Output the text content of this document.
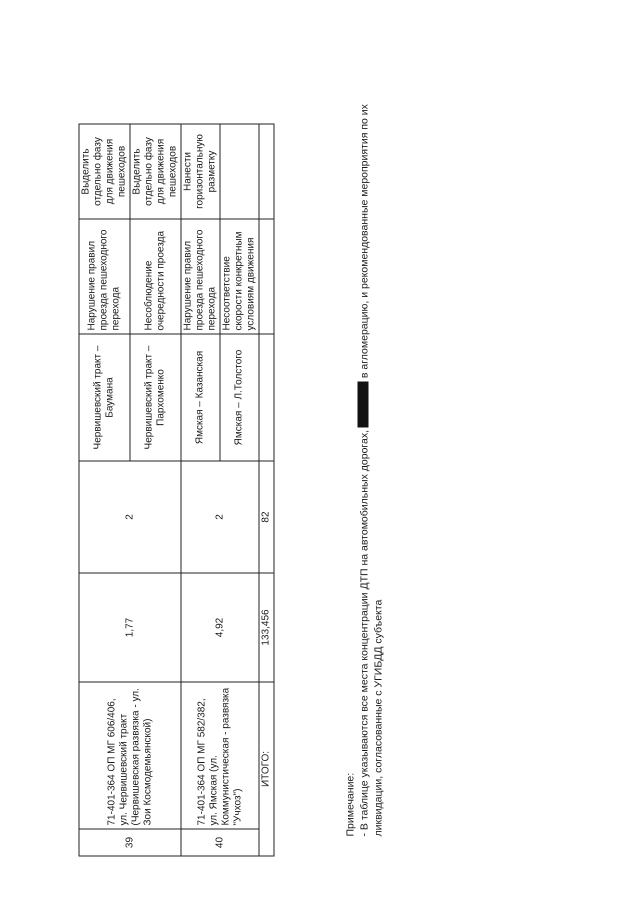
39	71-401-364 ОП МГ 606/406, ул. Червишевский тракт (Червишевская развязка - ул. Зои Космодемьянской)	1,77	2	Червишевский тракт – Баумана	Нарушение правил проезда пешеходного перехода	Выделить отдельно фазу для движения пешеходов
				Червишевский тракт – Пархоменко	Несоблюдение очередности проезда	Выделить отдельно фазу для движения пешеходов
40	71-401-364 ОП МГ 582/382, ул. Ямская (ул. Коммунистическая - развязка "Учхоз")	4,92	2	Ямская – Казанская	Нарушение правил проезда пешеходного перехода	Нанести горизонтальную разметку
				Ямская – Л.Толстого	Несоответствие скорости конкретным условиям движения	
ИТОГО:		133,456	82			
Примечание: - В таблице указываются все места концентрации ДТП на автомобильных дорогах,  в агломерацию, и рекомендованные мероприятия по их ликвидации, согласованные с УГИБДД субъекта
